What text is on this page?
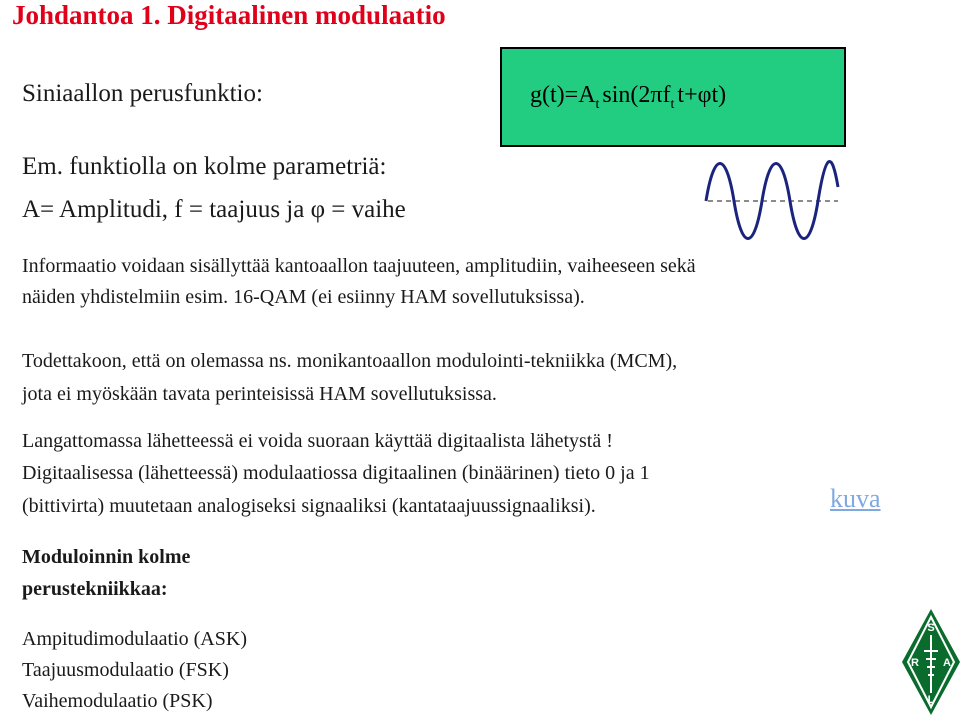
Johdantoa 1. Digitaalinen modulaatio
Siniaallon perusfunktio:	$g(t)=A_t$ $\sin(2\pi f_t$ t+φt)
Em. funktiolla on kolme parametriä:
A= Amplitudi, f = taajuus ja φ = vaihe
Informaatio voidaan sisällyttää kantoaallon taajuuteen, amplitudiin, vaiheeseen sekä
näiden yhdistelmiin esim. 16-QAM (ei esiinny HAM sovellutuksissa).
Todettakoon, että on olemassa ns. monikantoaallon modulointi-tekniikka (MCM),
jota ei myöskään tavata perinteisissä HAM sovellutuksissa.
Langattomassa lähetteessä ei voida suoraan käyttää digitaalista lähetystä !
Digitaalisessa (lähetteessä) modulaatiossa digitaalinen (binäärinen) tieto 0 ja 1
(bittivirta) muutetaan analogiseksi signaaliksi (kantataajuussignaaliksi).	kuva
Moduloinnin kolme
perustekniikkaa:
Ampitudimodulaatio (ASK)
Taajuusmodulaatio (FSK)
Vaihemodulaatio (PSK)
S
R A
L
